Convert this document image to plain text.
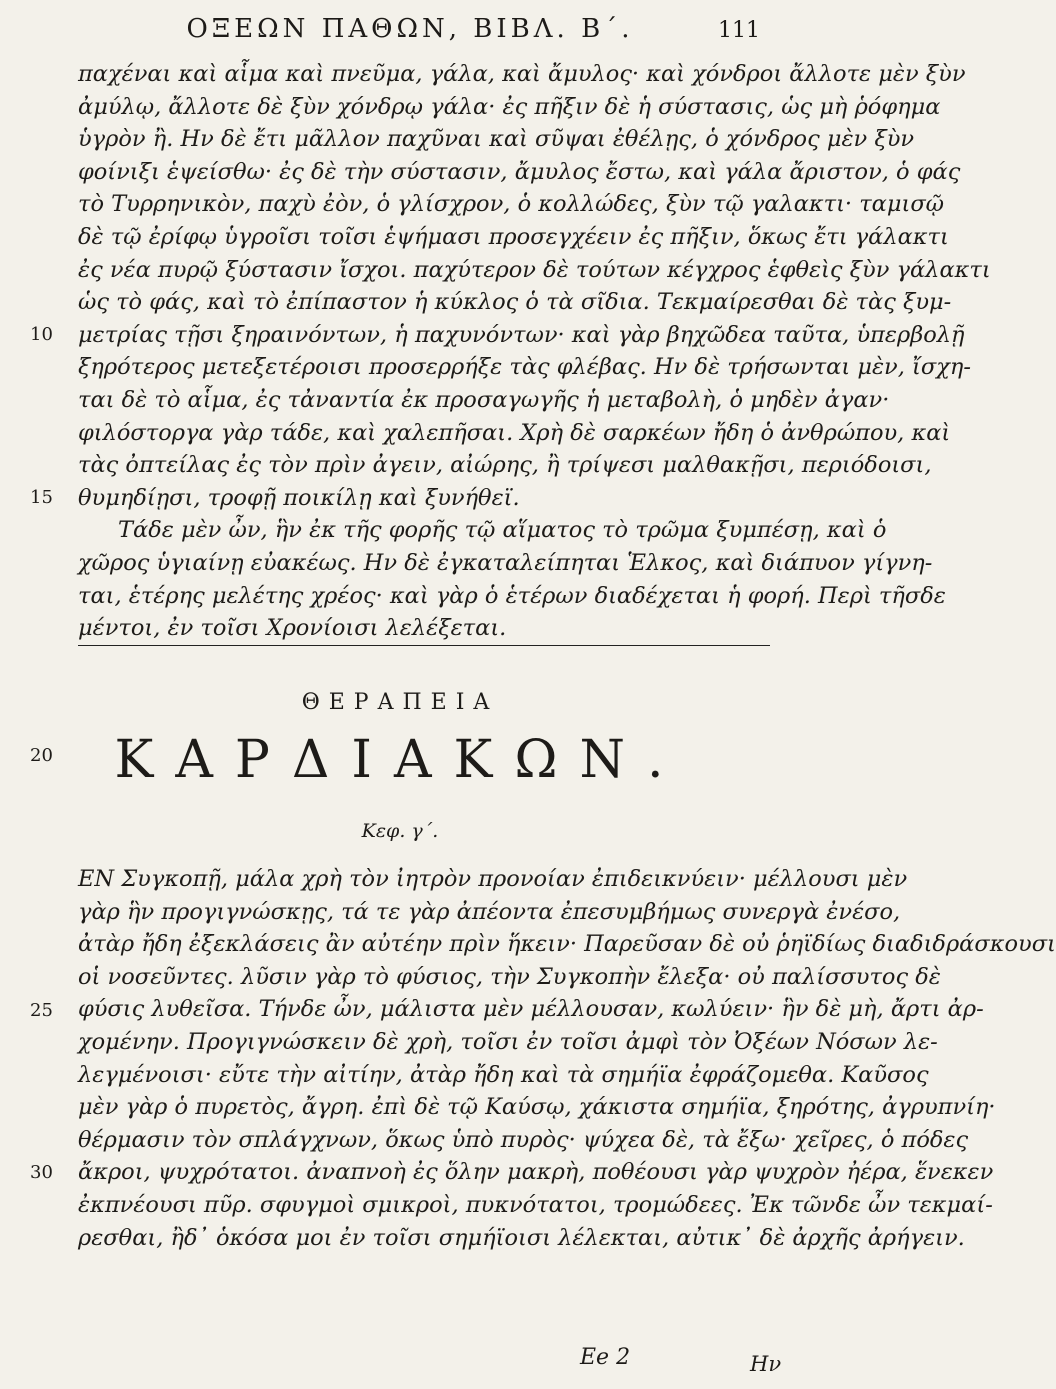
ΟΞΕΩΝ ΠΑΘΩΝ, ΒΙΒΛ. Β΄.	111
παχέναι καὶ αἷμα καὶ πνεῦμα, γάλα, καὶ ἄμυλος· καὶ χόνδροι ἄλλοτε μὲν ξὺν
ἀμύλῳ, ἄλλοτε δὲ ξὺν χόνδρῳ γάλα· ἐς πῆξιν δὲ ἡ σύστασις, ὡς μὴ ῥόφημα
ὑγρὸν ἢ. Ην δὲ ἔτι μᾶλλον παχῦναι καὶ σῦψαι ἐθέλῃς, ὁ χόνδρος μὲν ξὺν
φοίνιξι ἑψείσθω· ἐς δὲ τὴν σύστασιν, ἄμυλος ἔστω, καὶ γάλα ἄριστον, ὁ φάς
τὸ Τυρρηνικὸν, παχὺ ἐὸν, ὁ γλίσχρον, ὁ κολλώδες, ξὺν τῷ γαλακτι· ταμισῷ
δὲ τῷ ἐρίφῳ ὑγροῖσι τοῖσι ἑψήμασι προσεγχέειν ἐς πῆξιν, ὅκως ἔτι γάλακτι
ἐς νέα πυρῷ ξύστασιν ἴσχοι. παχύτερον δὲ τούτων κέγχρος ἑφθεὶς ξὺν γάλακτι
ὡς τὸ φάς, καὶ τὸ ἐπίπαστον ἡ κύκλος ὁ τὰ σῖδια. Τεκμαίρεσθαι δὲ τὰς ξυμ-
μετρίας τῇσι ξηραινόντων, ἡ παχυνόντων· καὶ γὰρ βηχῶδεα ταῦτα, ὑπερβολῇ
ξηρότερος μετεξετέροισι προσερρήξε τὰς φλέβας. Ην δὲ τρήσωνται μὲν, ἴσχη-
ται δὲ τὸ αἷμα, ἐς τἀναντία ἐκ προσαγωγῆς ἡ μεταβολὴ, ὁ μηδὲν ἀγαν·
φιλόστοργα γὰρ τάδε, καὶ χαλεπῆσαι. Χρὴ δὲ σαρκέων ἤδη ὁ ἀνθρώπου, καὶ
τὰς ὀπτείλας ἐς τὸν πρὶν ἀγειν, αἰώρης, ἢ τρίψεσι μαλθακῇσι, περιόδοισι,
θυμηδίῃσι, τροφῇ ποικίλῃ καὶ ξυνήθεϊ.
Τάδε μὲν ὦν, ἣν ἐκ τῆς φορῆς τῷ αἵματος τὸ τρῶμα ξυμπέσῃ, καὶ ὁ
χῶρος ὑγιαίνῃ εὐακέως. Ην δὲ ἐγκαταλείπηται Ἑλκος, καὶ διάπυον γίγνη-
ται, ἑτέρης μελέτης χρέος· καὶ γὰρ ὁ ἑτέρων διαδέχεται ἡ φορή. Περὶ τῆσδε
μέντοι, ἐν τοῖσι Χρονίοισι λελέξεται.
10
15
ΘΕΡΑΠΕΙΑ
20	ΚΑΡΔΙΑΚΩΝ.
Κεφ. γ΄.
ΕΝ Συγκοπῇ, μάλα χρὴ τὸν ἰητρὸν προνοίαν ἐπιδεικνύειν· μέλλουσι μὲν
γὰρ ἣν προγιγνώσκῃς, τά τε γὰρ ἀπέοντα ἐπεσυμβήμως συνεργὰ ἐνέσο,
ἀτὰρ ἤδη ἐξεκλάσεις ἂν αὐτέην πρὶν ἥκειν· Παρεῦσαν δὲ οὐ ῥηϊδίως διαδιδράσκουσι
οἱ νοσεῦντες. λῦσιν γὰρ τὸ φύσιος, τὴν Συγκοπὴν ἔλεξα· οὐ παλίσσυτος δὲ
φύσις λυθεῖσα. Τήνδε ὦν, μάλιστα μὲν μέλλουσαν, κωλύειν· ἣν δὲ μὴ, ἄρτι ἀρ-
χομένην. Προγιγνώσκειν δὲ χρὴ, τοῖσι ἐν τοῖσι ἀμφὶ τὸν Ὀξέων Νόσων λε-
λεγμένοισι· εὔτε τὴν αἰτίην, ἀτὰρ ἤδη καὶ τὰ σημήϊα ἐφράζομεθα. Καῦσος
μὲν γὰρ ὁ πυρετὸς, ἄγρη. ἐπὶ δὲ τῷ Καύσῳ, χάκιστα σημήϊα, ξηρότης, ἀγρυπνίη·
θέρμασιν τὸν σπλάγχνων, ὅκως ὑπὸ πυρὸς· ψύχεα δὲ, τὰ ἔξω· χεῖρες, ὁ πόδες
ἄκροι, ψυχρότατοι. ἀναπνοὴ ἐς ὅλην μακρὴ, ποθέουσι γὰρ ψυχρὸν ἠέρα, ἕνεκεν
ἐκπνέουσι πῦρ. σφυγμοὶ σμικροὶ, πυκνότατοι, τρομώδεες. Ἐκ τῶνδε ὦν τεκμαί-
ρεσθαι, ἢδ᾽ ὁκόσα μοι ἐν τοῖσι σημήϊοισι λέλεκται, αὐτικ᾽ δὲ ἀρχῆς ἀρήγειν.
25
30
Ee 2	Hν
